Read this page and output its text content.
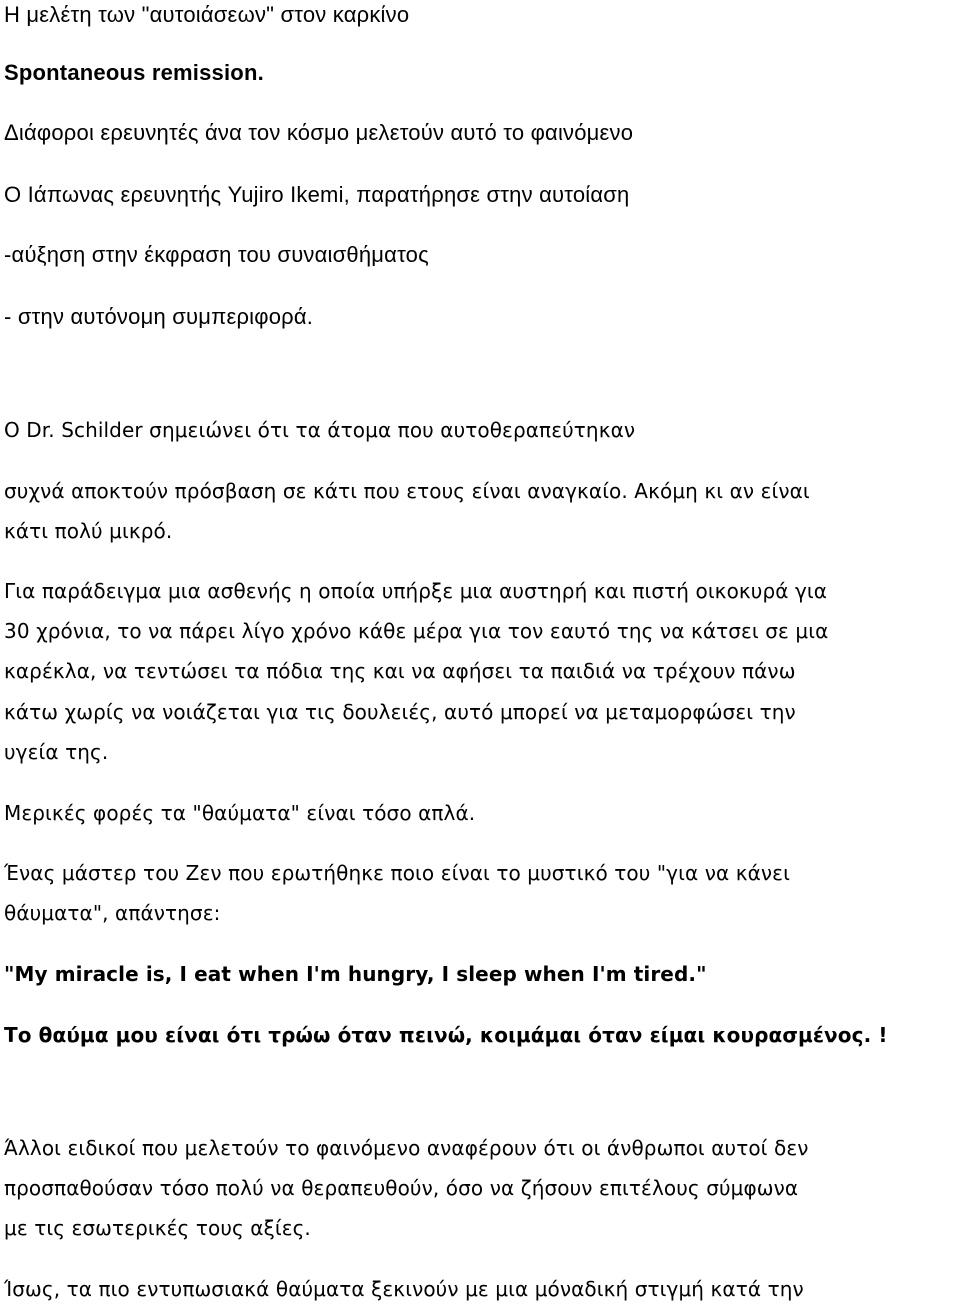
Η μελέτη των "αυτοιάσεων" στον καρκίνο
Spontaneous remission.
Διάφοροι ερευνητές άνα τον κόσμο μελετούν αυτό το φαινόμενο
Ο Ιάπωνας ερευνητής Yujiro Ikemi, παρατήρησε στην αυτοίαση
-αύξηση στην έκφραση του συναισθήματος
- στην αυτόνομη συμπεριφορά.
O Dr. Schilder σημειώνει ότι τα άτομα που αυτοθεραπεύτηκαν
συχνά αποκτούν πρόσβαση σε κάτι που ετους είναι αναγκαίο. Ακόμη κι αν είναι
κάτι πολύ μικρό.
Για παράδειγμα μια ασθενής η οποία υπήρξε μια αυστηρή και πιστή οικοκυρά για
30 χρόνια, το να πάρει λίγο χρόνο κάθε μέρα για τον εαυτό της να κάτσει σε μια
καρέκλα, να τεντώσει τα πόδια της και να αφήσει τα παιδιά να τρέχουν πάνω
κάτω χωρίς να νοιάζεται για τις δουλειές, αυτό μπορεί να μεταμορφώσει την
υγεία της.
Μερικές φορές τα "θαύματα" είναι τόσο απλά.
Ένας μάστερ του Ζεν που ερωτήθηκε ποιο είναι το μυστικό του "για να κάνει
θάυματα", απάντησε:
"My miracle is, I eat when I'm hungry, I sleep when I'm tired."
Το θαύμα μου είναι ότι τρώω όταν πεινώ, κοιμάμαι όταν είμαι κουρασμένος. !
Άλλοι ειδικοί που μελετούν το φαινόμενο αναφέρουν ότι οι άνθρωποι αυτοί δεν
προσπαθούσαν τόσο πολύ να θεραπευθούν, όσο να ζήσουν επιτέλους σύμφωνα
με τις εσωτερικές τους αξίες.
Ίσως, τα πιο εντυπωσιακά θαύματα ξεκινούν με μια μόναδική στιγμή κατά την
